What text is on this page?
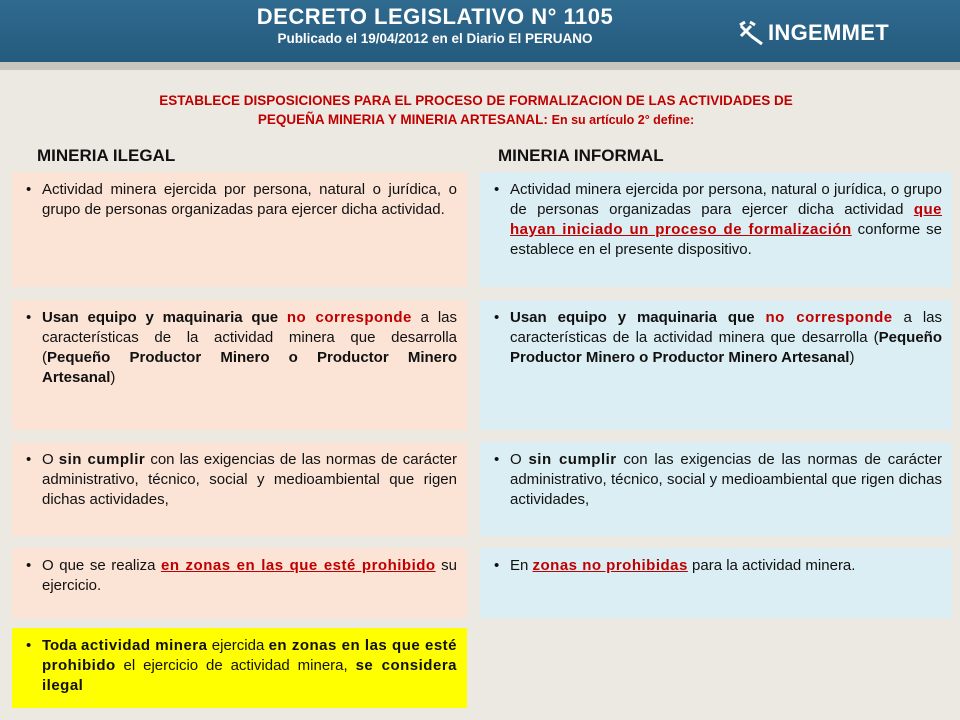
DECRETO LEGISLATIVO N° 1105
Publicado el 19/04/2012 en el Diario El PERUANO	INGEMMET
ESTABLECE DISPOSICIONES PARA EL PROCESO DE FORMALIZACION DE LAS ACTIVIDADES DE
PEQUEÑA MINERIA Y MINERIA ARTESANAL: En su artículo 2° define:
MINERIA ILEGAL	MINERIA INFORMAL
• Actividad minera ejercida por persona, natural o jurídica, o grupo de personas organizadas para ejercer dicha actividad.
• Usan equipo y maquinaria que no corresponde a las características de la actividad minera que desarrolla (Pequeño Productor Minero o Productor Minero Artesanal)
• O sin cumplir con las exigencias de las normas de carácter administrativo, técnico, social y medioambiental que rigen dichas actividades,
• O que se realiza en zonas en las que esté prohibido su ejercicio.
• Toda actividad minera ejercida en zonas en las que esté prohibido el ejercicio de actividad minera, se considera ilegal
• Actividad minera ejercida por persona, natural o jurídica, o grupo de personas organizadas para ejercer dicha actividad que hayan iniciado un proceso de formalización conforme se establece en el presente dispositivo.
• Usan equipo y maquinaria que no corresponde a las características de la actividad minera que desarrolla (Pequeño Productor Minero o Productor Minero Artesanal)
• O sin cumplir con las exigencias de las normas de carácter administrativo, técnico, social y medioambiental que rigen dichas actividades,
• En zonas no prohibidas para la actividad minera.
